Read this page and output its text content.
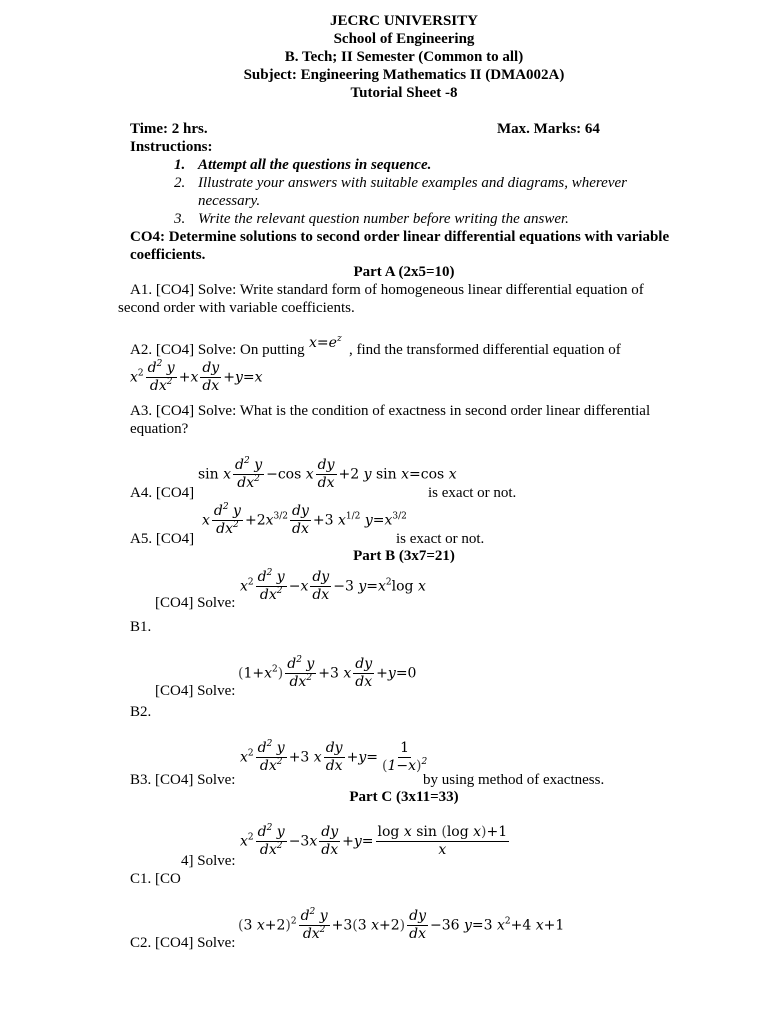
JECRC UNIVERSITY
School of Engineering
B. Tech; II Semester (Common to all)
Subject: Engineering Mathematics II (DMA002A)
Tutorial Sheet -8
Time: 2 hrs.	Max. Marks: 64
Instructions:
1. Attempt all the questions in sequence.
2. Illustrate your answers with suitable examples and diagrams, wherever
necessary.
3. Write the relevant question number before writing the answer.
CO4: Determine solutions to second order linear differential equations with variable
coefficients.
Part A (2x5=10)
A1. [CO4] Solve: Write standard form of homogeneous linear differential equation of
second order with variable coefficients.
A2. [CO4] Solve: On putting $x=e^z$
, find the transformed differential equation of
$x^2 \frac{d^2 y}{dx^2} +x \frac{dy}{dx} +y=x$
A3. [CO4] Solve: What is the condition of exactness in second order linear differential
equation?
sin x $\frac{d^2 y}{dx^2} -\cos$ x $\frac{dy}{dx} +2$ y sin x=cos x
A4. [CO4]	is exact or not.
x $\frac{d^2 y}{dx^2} +2x^{3/2} \frac{dy}{dx} +3$ $x^{1/2}$ $y=x^{3/2}$
A5. [CO4]	is exact or not.
Part B (3x7=21)
$x^2 \frac{d^2 y}{dx^2} -x \frac{dy}{dx} -3$ $y=x^2\log$ x
[CO4] Solve:
B1.
$(1+x^2) \frac{d^2 y}{dx^2} +3$ x $\frac{dy}{dx} +y=0$
[CO4] Solve:
B2.
$x^2 \frac{d^2 y}{dx^2} +3$ x $\frac{dy}{dx} +y= \frac{1}{(1-x)^2}$
B3. [CO4] Solve:	by using method of exactness.
Part C (3x11=33)
$x^2 \frac{d^2 y}{dx^2} -3x \frac{dy}{dx} +y= \frac{\text{log x sin (log x)+1}}{x}$
4] Solve:
C1. [CO
(3 $x+2)^2 \frac{d^2 y}{dx^2} +3(3$ $x+2) \frac{dy}{dx} -36$ y=3 $x^2+4$ x+1
C2. [CO4] Solve:
